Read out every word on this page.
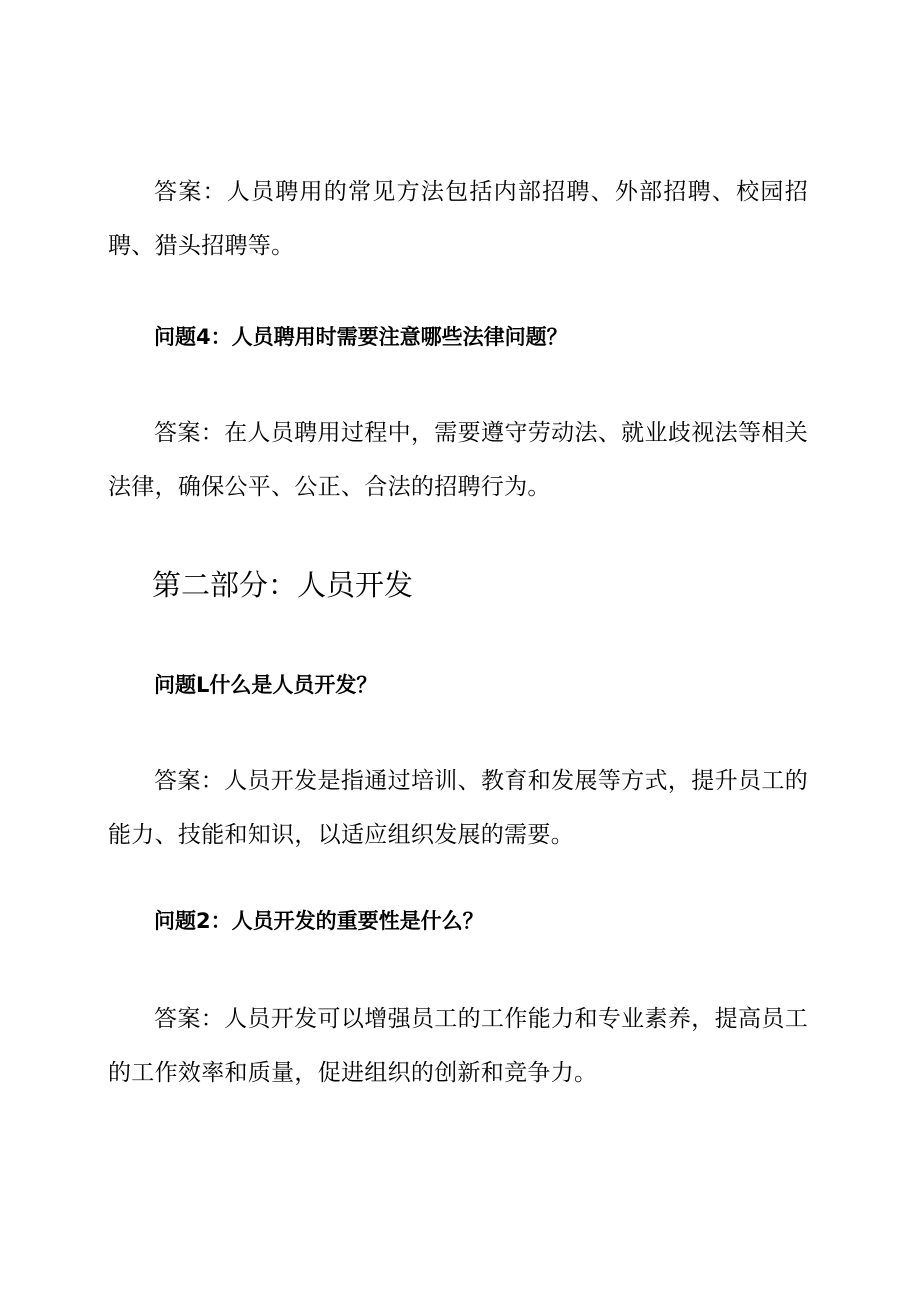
答案：人员聘用的常见方法包括内部招聘、外部招聘、校园招聘、猎头招聘等。

问题4：人员聘用时需要注意哪些法律问题？

答案：在人员聘用过程中，需要遵守劳动法、就业歧视法等相关法律，确保公平、公正、合法的招聘行为。

第二部分：人员开发

问题L什么是人员开发？

答案：人员开发是指通过培训、教育和发展等方式，提升员工的能力、技能和知识，以适应组织发展的需要。

问题2：人员开发的重要性是什么？

答案：人员开发可以增强员工的工作能力和专业素养，提高员工的工作效率和质量，促进组织的创新和竞争力。
